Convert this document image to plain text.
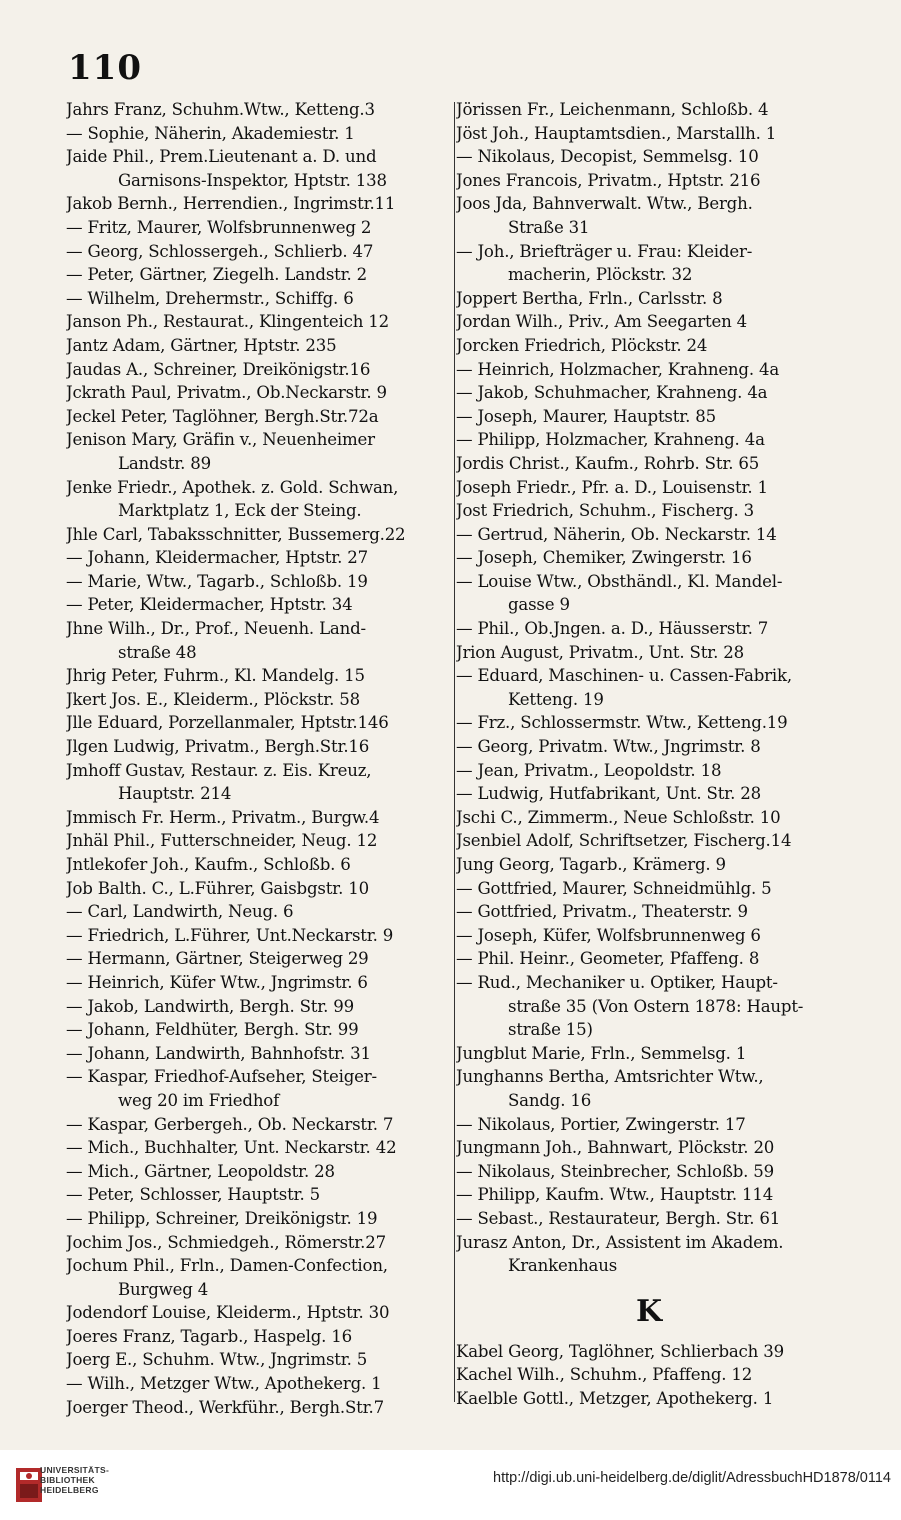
110
Jahrs Franz, Schuhm.Wtw., Ketteng.3
— Sophie, Näherin, Akademiestr. 1
Jaide Phil., Prem.Lieutenant a. D. und
Garnisons-Inspektor, Hptstr. 138
Jakob Bernh., Herrendien., Ingrimstr.11
— Fritz, Maurer, Wolfsbrunnenweg 2
— Georg, Schlossergeh., Schlierb. 47
— Peter, Gärtner, Ziegelh. Landstr. 2
— Wilhelm, Drehermstr., Schiffg. 6
Janson Ph., Restaurat., Klingenteich 12
Jantz Adam, Gärtner, Hptstr. 235
Jaudas A., Schreiner, Dreikönigstr.16
Jckrath Paul, Privatm., Ob.Neckarstr. 9
Jeckel Peter, Taglöhner, Bergh.Str.72a
Jenison Mary, Gräfin v., Neuenheimer
Landstr. 89
Jenke Friedr., Apothek. z. Gold. Schwan,
Marktplatz 1, Eck der Steing.
Jhle Carl, Tabaksschnitter, Bussemerg.22
— Johann, Kleidermacher, Hptstr. 27
— Marie, Wtw., Tagarb., Schloßb. 19
— Peter, Kleidermacher, Hptstr. 34
Jhne Wilh., Dr., Prof., Neuenh. Land-
straße 48
Jhrig Peter, Fuhrm., Kl. Mandelg. 15
Jkert Jos. E., Kleiderm., Plöckstr. 58
Jlle Eduard, Porzellanmaler, Hptstr.146
Jlgen Ludwig, Privatm., Bergh.Str.16
Jmhoff Gustav, Restaur. z. Eis. Kreuz,
Hauptstr. 214
Jmmisch Fr. Herm., Privatm., Burgw.4
Jnhäl Phil., Futterschneider, Neug. 12
Jntlekofer Joh., Kaufm., Schloßb. 6
Job Balth. C., L.Führer, Gaisbgstr. 10
— Carl, Landwirth, Neug. 6
— Friedrich, L.Führer, Unt.Neckarstr. 9
— Hermann, Gärtner, Steigerweg 29
— Heinrich, Küfer Wtw., Jngrimstr. 6
— Jakob, Landwirth, Bergh. Str. 99
— Johann, Feldhüter, Bergh. Str. 99
— Johann, Landwirth, Bahnhofstr. 31
— Kaspar, Friedhof-Aufseher, Steiger-
weg 20 im Friedhof
— Kaspar, Gerbergeh., Ob. Neckarstr. 7
— Mich., Buchhalter, Unt. Neckarstr. 42
— Mich., Gärtner, Leopoldstr. 28
— Peter, Schlosser, Hauptstr. 5
— Philipp, Schreiner, Dreikönigstr. 19
Jochim Jos., Schmiedgeh., Römerstr.27
Jochum Phil., Frln., Damen-Confection,
Burgweg 4
Jodendorf Louise, Kleiderm., Hptstr. 30
Joeres Franz, Tagarb., Haspelg. 16
Joerg E., Schuhm. Wtw., Jngrimstr. 5
— Wilh., Metzger Wtw., Apothekerg. 1
Joerger Theod., Werkführ., Bergh.Str.7
Jörissen Fr., Leichenmann, Schloßb. 4
Jöst Joh., Hauptamtsdien., Marstallh. 1
— Nikolaus, Decopist, Semmelsg. 10
Jones Francois, Privatm., Hptstr. 216
Joos Jda, Bahnverwalt. Wtw., Bergh.
Straße 31
— Joh., Briefträger u. Frau: Kleider-
macherin, Plöckstr. 32
Joppert Bertha, Frln., Carlsstr. 8
Jordan Wilh., Priv., Am Seegarten 4
Jorcken Friedrich, Plöckstr. 24
— Heinrich, Holzmacher, Krahneng. 4a
— Jakob, Schuhmacher, Krahneng. 4a
— Joseph, Maurer, Hauptstr. 85
— Philipp, Holzmacher, Krahneng. 4a
Jordis Christ., Kaufm., Rohrb. Str. 65
Joseph Friedr., Pfr. a. D., Louisenstr. 1
Jost Friedrich, Schuhm., Fischerg. 3
— Gertrud, Näherin, Ob. Neckarstr. 14
— Joseph, Chemiker, Zwingerstr. 16
— Louise Wtw., Obsthändl., Kl. Mandel-
gasse 9
— Phil., Ob.Jngen. a. D., Häusserstr. 7
Jrion August, Privatm., Unt. Str. 28
— Eduard, Maschinen- u. Cassen-Fabrik,
Ketteng. 19
— Frz., Schlossermstr. Wtw., Ketteng.19
— Georg, Privatm. Wtw., Jngrimstr. 8
— Jean, Privatm., Leopoldstr. 18
— Ludwig, Hutfabrikant, Unt. Str. 28
Jschi C., Zimmerm., Neue Schloßstr. 10
Jsenbiel Adolf, Schriftsetzer, Fischerg.14
Jung Georg, Tagarb., Krämerg. 9
— Gottfried, Maurer, Schneidmühlg. 5
— Gottfried, Privatm., Theaterstr. 9
— Joseph, Küfer, Wolfsbrunnenweg 6
— Phil. Heinr., Geometer, Pfaffeng. 8
— Rud., Mechaniker u. Optiker, Haupt-
straße 35 (Von Ostern 1878: Haupt-
straße 15)
Jungblut Marie, Frln., Semmelsg. 1
Junghanns Bertha, Amtsrichter Wtw.,
Sandg. 16
— Nikolaus, Portier, Zwingerstr. 17
Jungmann Joh., Bahnwart, Plöckstr. 20
— Nikolaus, Steinbrecher, Schloßb. 59
— Philipp, Kaufm. Wtw., Hauptstr. 114
— Sebast., Restaurateur, Bergh. Str. 61
Jurasz Anton, Dr., Assistent im Akadem.
Krankenhaus
K
Kabel Georg, Taglöhner, Schlierbach 39
Kachel Wilh., Schuhm., Pfaffeng. 12
Kaelble Gottl., Metzger, Apothekerg. 1
UNIVERSITÄTS-
BIBLIOTHEK
HEIDELBERG
http://digi.ub.uni-heidelberg.de/diglit/AdressbuchHD1878/0114
